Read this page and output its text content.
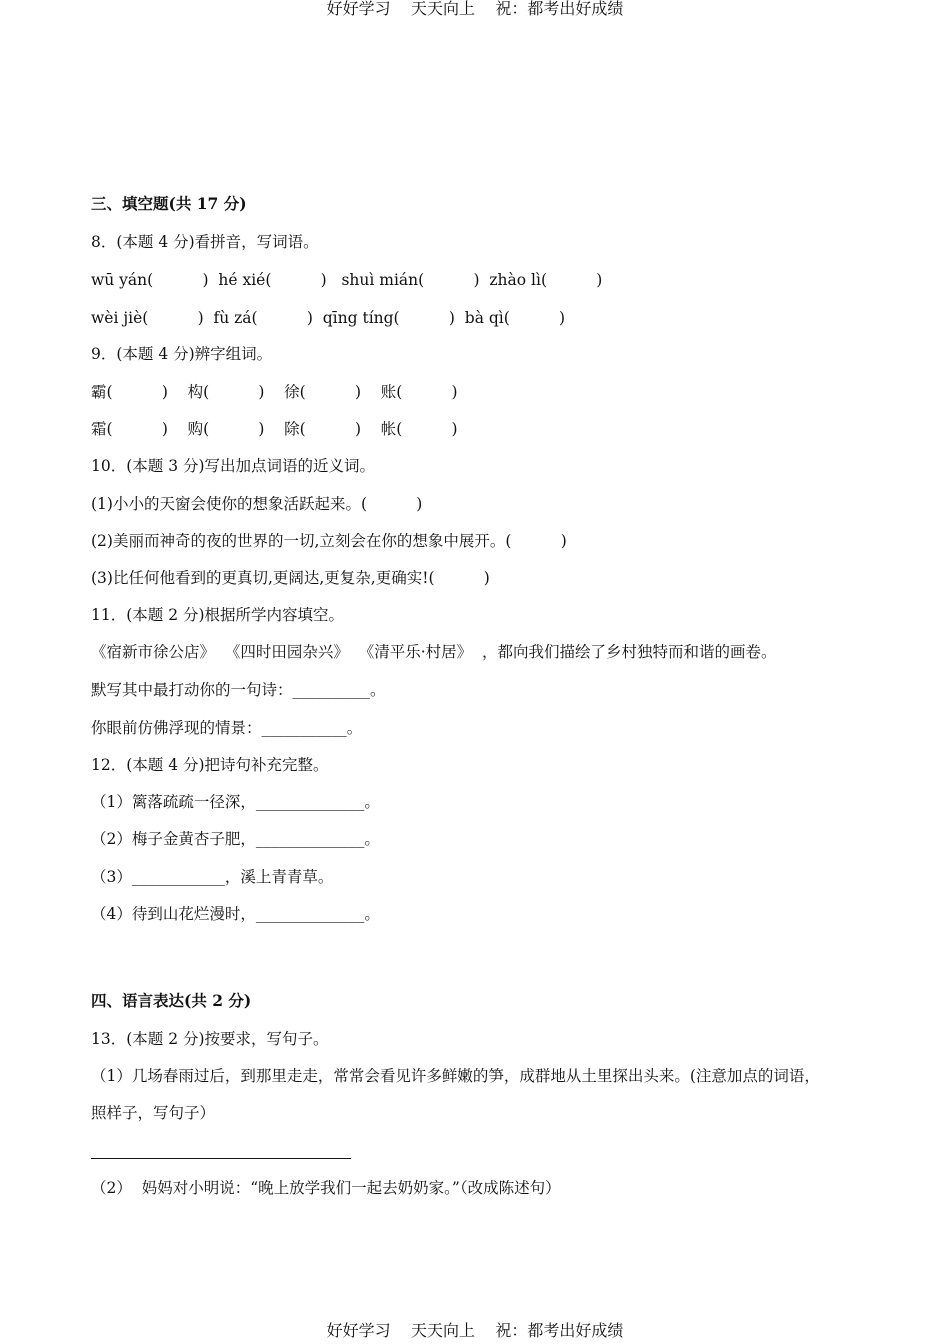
好好学习    天天向上    祝：都考出好成绩
三、填空题(共 17 分)
8．(本题 4 分)看拼音，写词语。
wū yán(          )  hé xié(          )   shuì mián(          )  zhào lì(          )
wèi jiè(          )  fù zá(          )  qīng tíng(          )  bà qì(          )
9．(本题 4 分)辨字组词。
霸(          )    构(          )    徐(          )    账(          )
霜(          )    购(          )    除(          )    帐(          )
10．(本题 3 分)写出加点词语的近义词。
(1)小小的天窗会使你的想象活跃起来。(          )
(2)美丽而神奇的夜的世界的一切,立刻会在你的想象中展开。(          )
(3)比任何他看到的更真切,更阔达,更复杂,更确实!(          )
11．(本题 2 分)根据所学内容填空。
《宿新市徐公店》  《四时田园杂兴》  《清平乐·村居》  ，都向我们描绘了乡村独特而和谐的画卷。
默写其中最打动你的一句诗：__________。
你眼前仿佛浮现的情景：___________。
12．(本题 4 分)把诗句补充完整。
（1）篱落疏疏一径深，______________。
（2）梅子金黄杏子肥，______________。
（3）____________，溪上青青草。
（4）待到山花烂漫时，______________。
四、语言表达(共 2 分)
13．(本题 2 分)按要求，写句子。
（1）几场春雨过后，到那里走走，常常会看见许多鲜嫩的笋，成群地从土里探出头来。(注意加点的词语，
照样子，写句子）
（2）  妈妈对小明说：“晚上放学我们一起去奶奶家。”（改成陈述句）
好好学习    天天向上    祝：都考出好成绩
